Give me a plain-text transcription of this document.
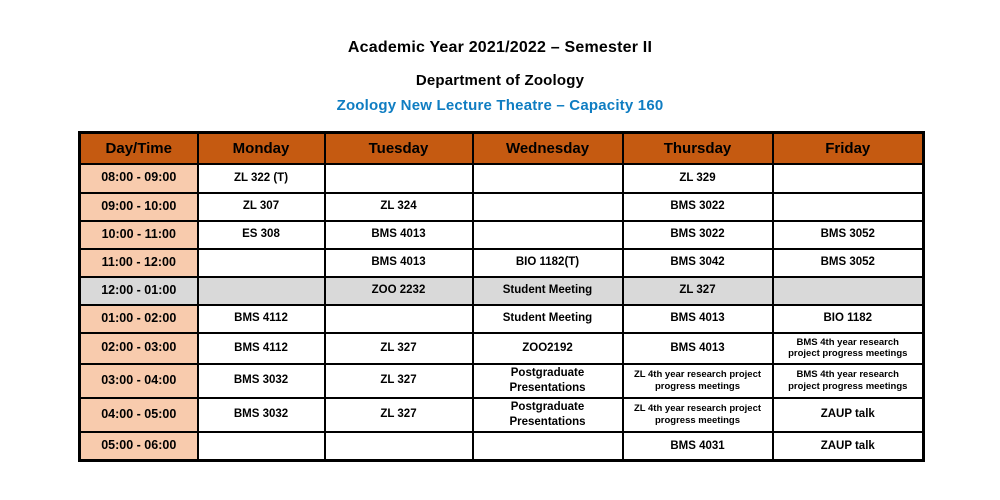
Academic Year 2021/2022 – Semester II
Department of Zoology
Zoology New Lecture Theatre – Capacity 160
Day/Time	Monday	Tuesday	Wednesday	Thursday	Friday
08:00 - 09:00	ZL 322 (T)			ZL 329	
09:00 - 10:00	ZL 307	ZL 324		BMS 3022	
10:00 - 11:00	ES 308	BMS 4013		BMS 3022	BMS 3052
11:00 - 12:00		BMS 4013	BIO 1182(T)	BMS 3042	BMS 3052
12:00 - 01:00		ZOO 2232	Student Meeting	ZL 327	
01:00 - 02:00	BMS 4112		Student Meeting	BMS 4013	BIO 1182
02:00 - 03:00	BMS 4112	ZL 327	ZOO2192	BMS 4013	BMS 4th year research project progress meetings
03:00 - 04:00	BMS 3032	ZL 327	Postgraduate Presentations	ZL 4th year research project progress meetings	BMS 4th year research project progress meetings
04:00 - 05:00	BMS 3032	ZL 327	Postgraduate Presentations	ZL 4th year research project progress meetings	ZAUP talk
05:00 - 06:00				BMS 4031	ZAUP talk
